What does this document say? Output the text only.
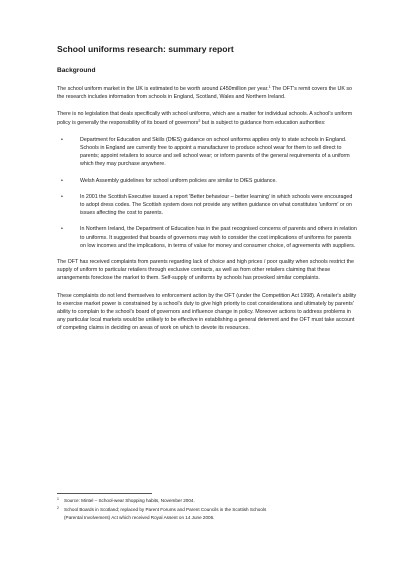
School uniforms research: summary report
Background

The school uniform market in the UK is estimated to be worth around £450million per year.$^1$ The OFT's remit covers the UK so the research includes information from schools in England, Scotland, Wales and Northern Ireland.

There is no legislation that deals specifically with school uniforms, which are a matter for individual schools. A school's uniform policy is generally the responsibility of its board of governors$^2$ but is subject to guidance from education authorities:

•	Department for Education and Skills (DfES) guidance on school uniforms applies only to state schools in England. Schools in England are currently free to appoint a manufacturer to produce school wear for them to sell direct to parents; appoint retailers to source and sell school wear; or inform parents of the general requirements of a uniform which they may purchase anywhere.
•	Welsh Assembly guidelines for school uniform policies are similar to DfES guidance.
•	In 2001 the Scottish Executive issued a report 'Better behaviour – better learning' in which schools were encouraged to adopt dress codes. The Scottish system does not provide any written guidance on what constitutes 'uniform' or on issues affecting the cost to parents.
•	In Northern Ireland, the Department of Education has in the past recognised concerns of parents and others in relation to uniforms. It suggested that boards of governors may wish to consider the cost implications of uniforms for parents on low incomes and the implications, in terms of value for money and consumer choice, of agreements with suppliers.

The OFT has received complaints from parents regarding lack of choice and high prices / poor quality when schools restrict the supply of uniform to particular retailers through exclusive contracts, as well as from other retailers claiming that these arrangements foreclose the market to them. Self-supply of uniforms by schools has provoked similar complaints.

These complaints do not lend themselves to enforcement action by the OFT (under the Competition Act 1998). A retailer's ability to exercise market power is constrained by a school's duty to give high priority to cost considerations and ultimately by parents' ability to complain to the school's board of governors and influence change in policy. Moreover actions to address problems in any particular local markets would be unlikely to be effective in establishing a general deterrent and the OFT must take account of competing claims in deciding on areas of work on which to devote its resources.

1 Source: Mintel – School-wear Shopping habits, November 2004.
2 School Boards in Scotland; replaced by Parent Forums and Parent Councils in the Scottish Schools
(Parental Involvement) Act which received Royal Assent on 14 June 2006.
